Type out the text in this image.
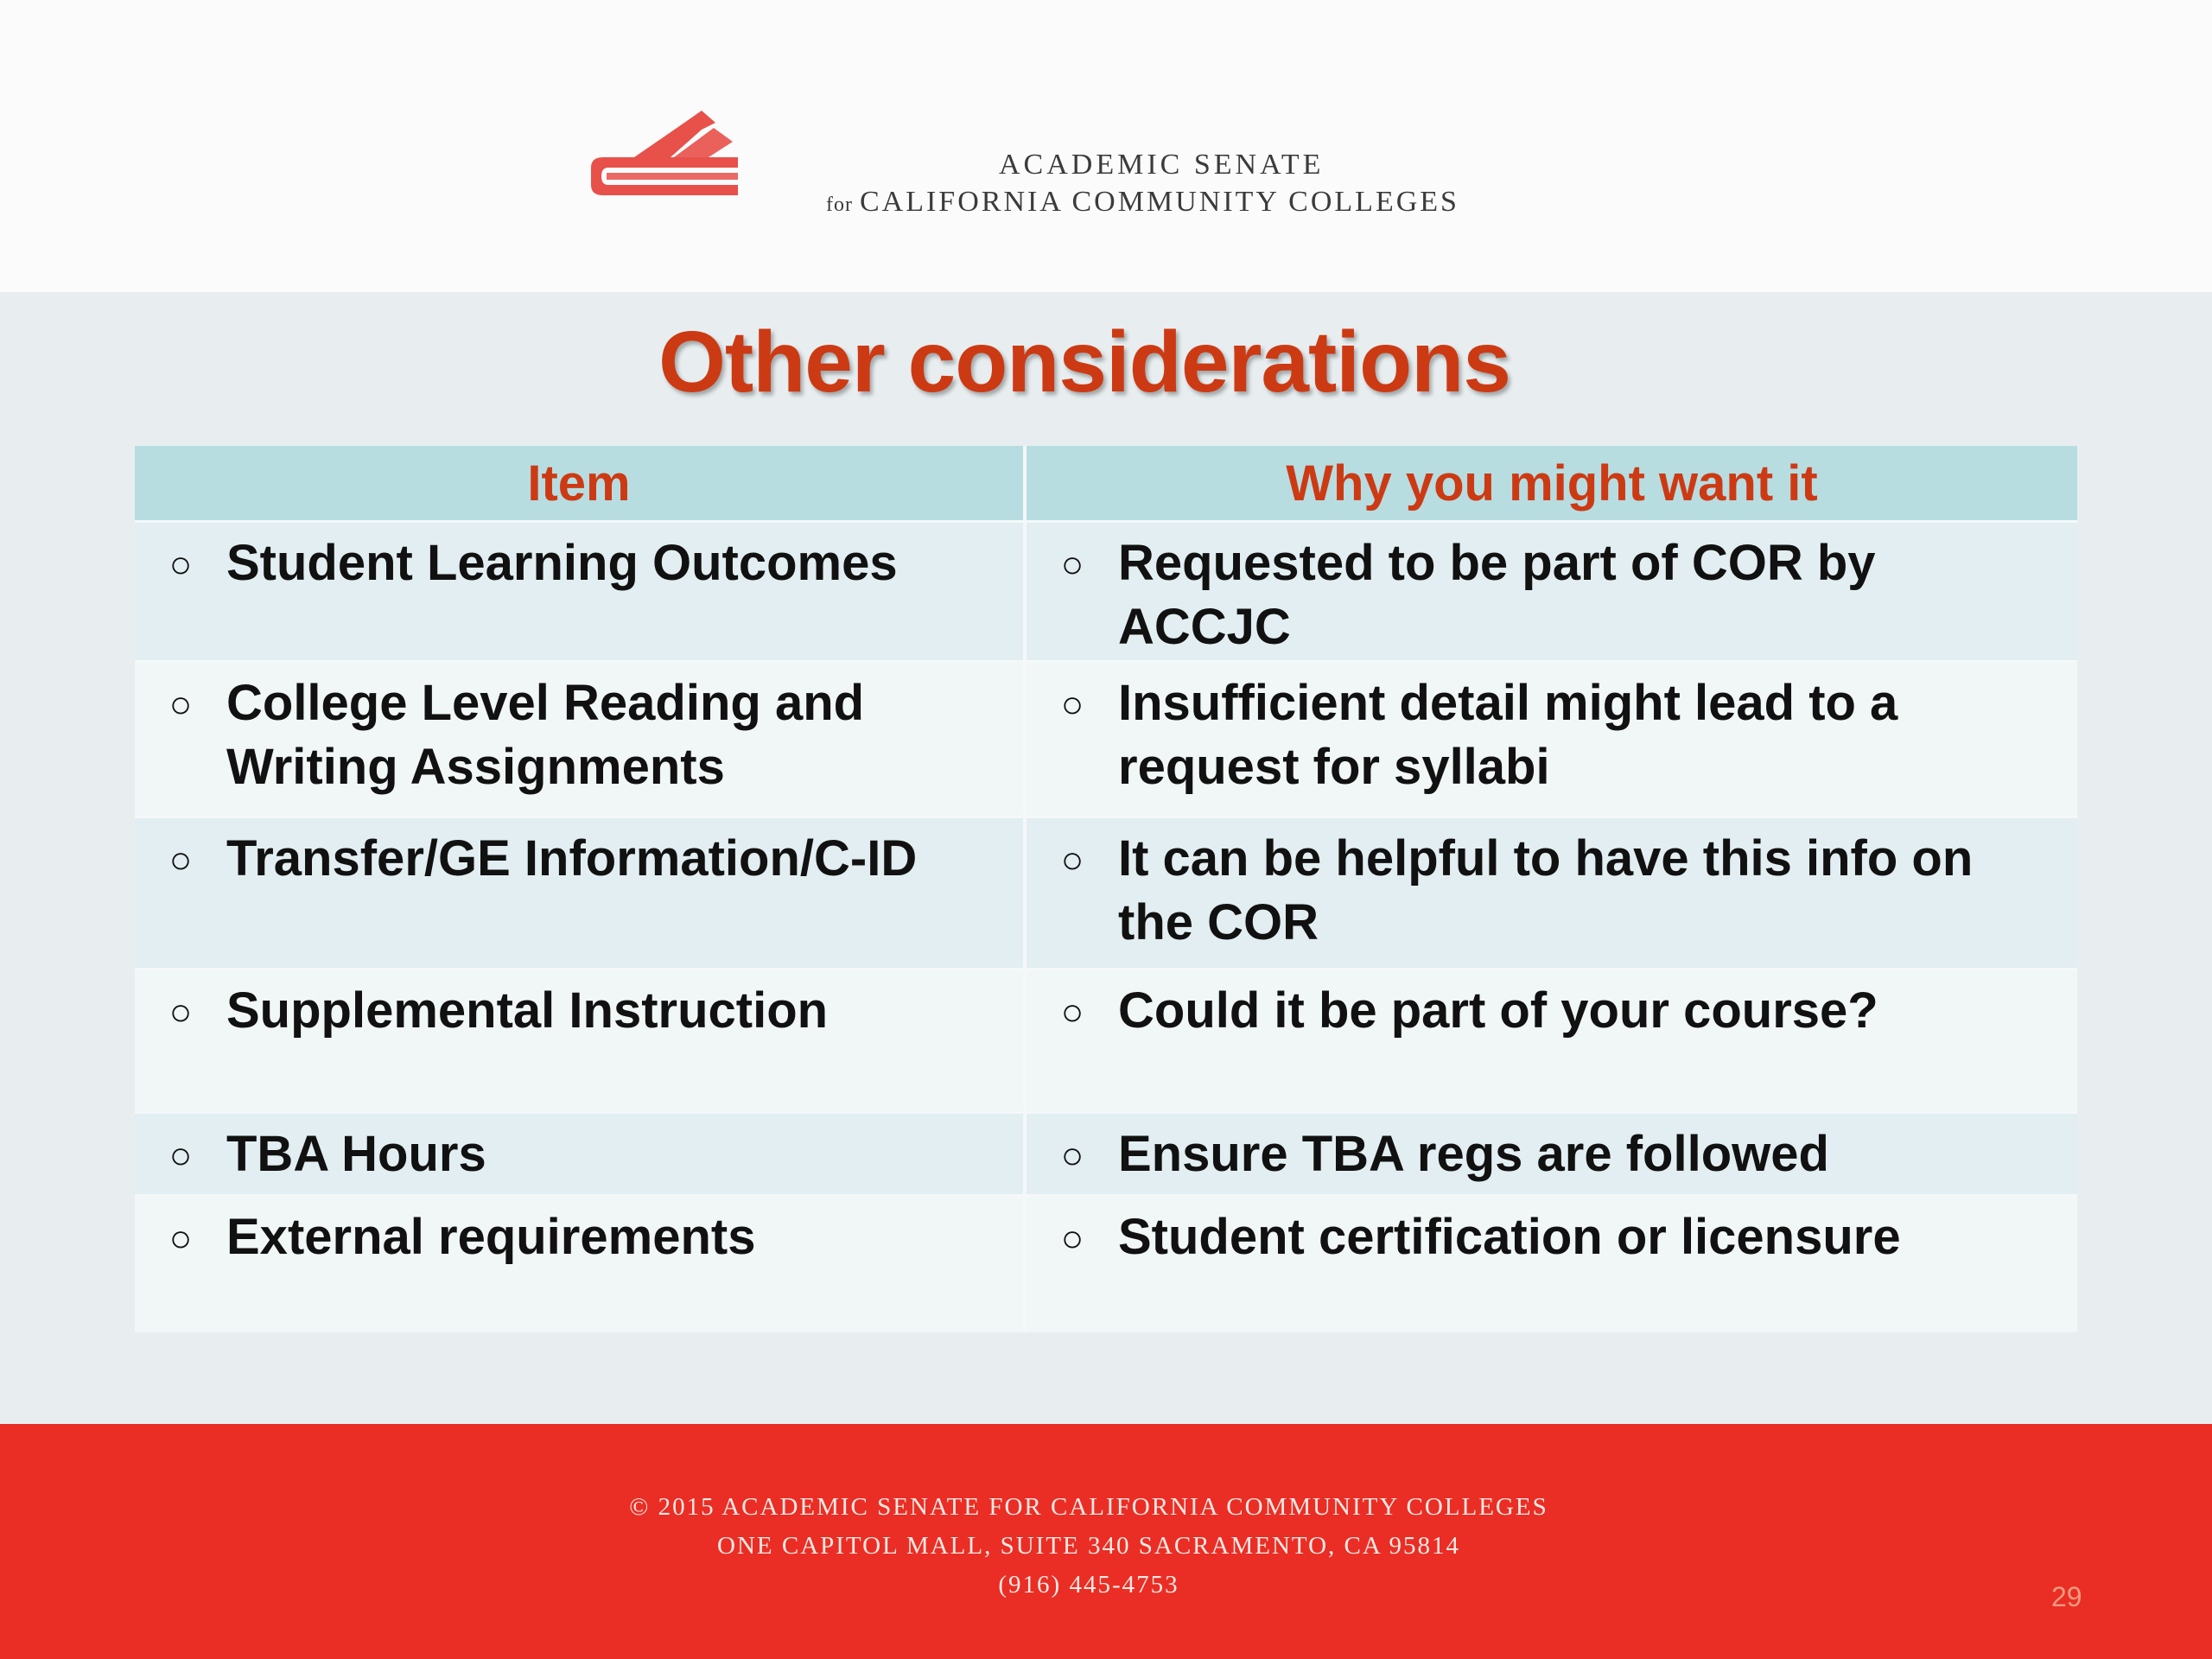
ACADEMIC SENATE
for CALIFORNIA COMMUNITY COLLEGES
Other considerations
Item	Why you might want it

○ Student Learning Outcomes	○ Requested to be part of COR by ACCJC

○ College Level Reading and Writing Assignments	○ Insufficient detail might lead to a request for syllabi

○ Transfer/GE Information/C-ID	○ It can be helpful to have this info on the COR

○ Supplemental Instruction	○ Could it be part of your course?

○ TBA Hours	○ Ensure TBA regs are followed

○ External requirements	○ Student certification or licensure
© 2015 ACADEMIC SENATE FOR CALIFORNIA COMMUNITY COLLEGES
ONE CAPITOL MALL, SUITE 340 SACRAMENTO, CA 95814
(916) 445-4753	29
